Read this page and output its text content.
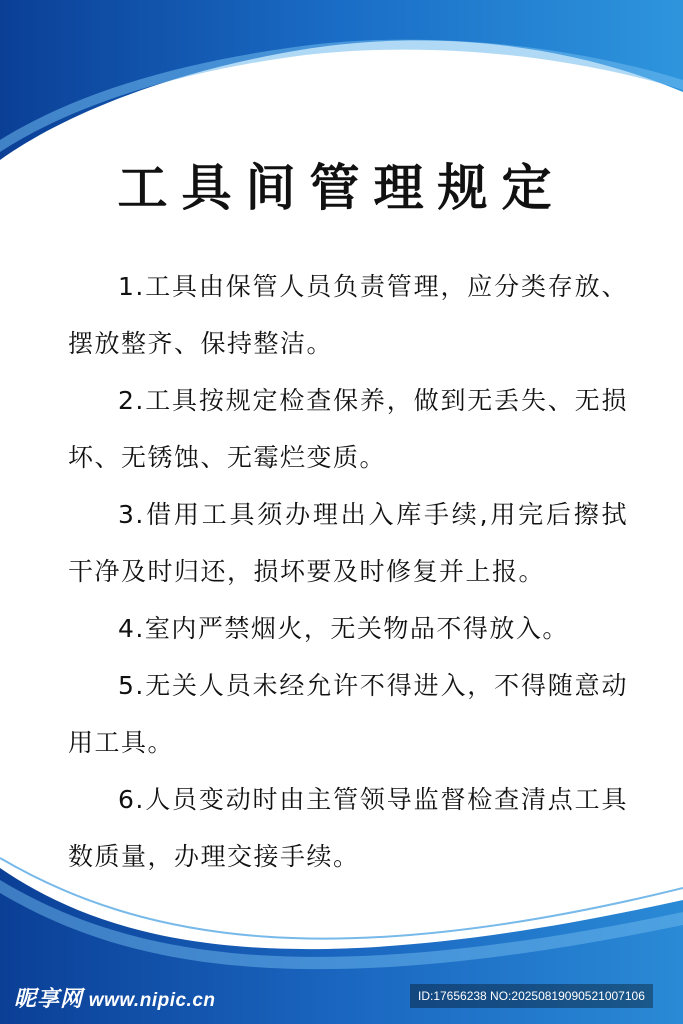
工具间管理规定

1.工具由保管人员负责管理，应分类存放、摆放整齐、保持整洁。

2.工具按规定检查保养，做到无丢失、无损坏、无锈蚀、无霉烂变质。

3.借用工具须办理出入库手续,用完后擦拭干净及时归还，损坏要及时修复并上报。

4.室内严禁烟火，无关物品不得放入。

5.无关人员未经允许不得进入，不得随意动用工具。

6.人员变动时由主管领导监督检查清点工具数质量，办理交接手续。

昵享网 www.nipic.cn	ID:17656238 NO:20250819090521007106
